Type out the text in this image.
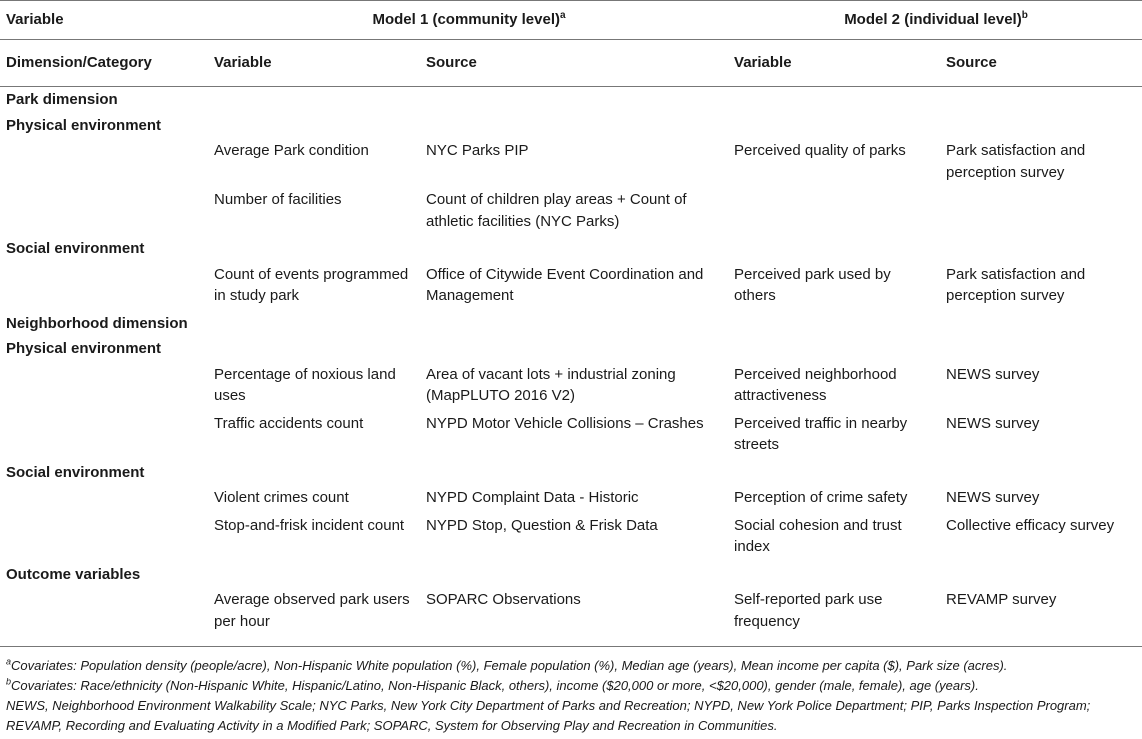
Variable	Model 1 (community level)$^a$		Model 2 (individual level)$^b$
Dimension/Category	Variable	Source	Variable	Source
Park dimension				
Physical environment				
	Average Park condition	NYC Parks PIP	Perceived quality of parks	Park satisfaction and perception survey
	Number of facilities	Count of children play areas + Count of athletic facilities (NYC Parks)		
Social environment				
	Count of events programmed in study park	Office of Citywide Event Coordination and Management	Perceived park used by others	Park satisfaction and perception survey
Neighborhood dimension				
Physical environment				
	Percentage of noxious land uses	Area of vacant lots + industrial zoning (MapPLUTO 2016 V2)	Perceived neighborhood attractiveness	NEWS survey
	Traffic accidents count	NYPD Motor Vehicle Collisions – Crashes	Perceived traffic in nearby streets	NEWS survey
Social environment				
	Violent crimes count	NYPD Complaint Data - Historic	Perception of crime safety	NEWS survey
	Stop-and-frisk incident count	NYPD Stop, Question & Frisk Data	Social cohesion and trust index	Collective efficacy survey
Outcome variables				
	Average observed park users per hour	SOPARC Observations	Self-reported park use frequency	REVAMP survey

$^a$Covariates: Population density (people/acre), Non-Hispanic White population (%), Female population (%), Median age (years), Mean income per capita ($), Park size (acres).

$^b$Covariates: Race/ethnicity (Non-Hispanic White, Hispanic/Latino, Non-Hispanic Black, others), income ($20,000 or more, <$20,000), gender (male, female), age (years).

NEWS, Neighborhood Environment Walkability Scale; NYC Parks, New York City Department of Parks and Recreation; NYPD, New York Police Department; PIP, Parks Inspection Program; REVAMP, Recording and Evaluating Activity in a Modified Park; SOPARC, System for Observing Play and Recreation in Communities.
